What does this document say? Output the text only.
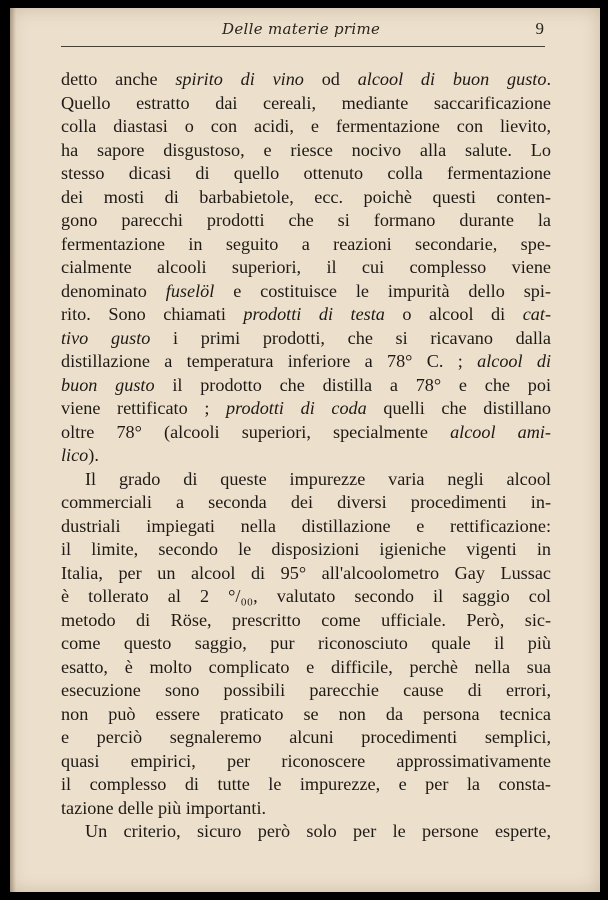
Delle materie prime	9
detto anche spirito di vino od alcool di buon gusto.
Quello estratto dai cereali, mediante saccarificazione
colla diastasi o con acidi, e fermentazione con lievito,
ha sapore disgustoso, e riesce nocivo alla salute. Lo
stesso dicasi di quello ottenuto colla fermentazione
dei mosti di barbabietole, ecc. poichè questi conten-
gono parecchi prodotti che si formano durante la
fermentazione in seguito a reazioni secondarie, spe-
cialmente alcooli superiori, il cui complesso viene
denominato fuselöl e costituisce le impurità dello spi-
rito. Sono chiamati prodotti di testa o alcool di cat-
tivo gusto i primi prodotti, che si ricavano dalla
distillazione a temperatura inferiore a 78° C. ; alcool di
buon gusto il prodotto che distilla a 78° e che poi
viene rettificato ; prodotti di coda quelli che distillano
oltre 78° (alcooli superiori, specialmente alcool ami-
lico).
Il grado di queste impurezze varia negli alcool
commerciali a seconda dei diversi procedimenti in-
dustriali impiegati nella distillazione e rettificazione:
il limite, secondo le disposizioni igieniche vigenti in
Italia, per un alcool di 95° all'alcoolometro Gay Lussac
è tollerato al 2 °/₀₀, valutato secondo il saggio col
metodo di Röse, prescritto come ufficiale. Però, sic-
come questo saggio, pur riconosciuto quale il più
esatto, è molto complicato e difficile, perchè nella sua
esecuzione sono possibili parecchie cause di errori,
non può essere praticato se non da persona tecnica
e perciò segnaleremo alcuni procedimenti semplici,
quasi empirici, per riconoscere approssimativamente
il complesso di tutte le impurezze, e per la consta-
tazione delle più importanti.
Un criterio, sicuro però solo per le persone esperte,
